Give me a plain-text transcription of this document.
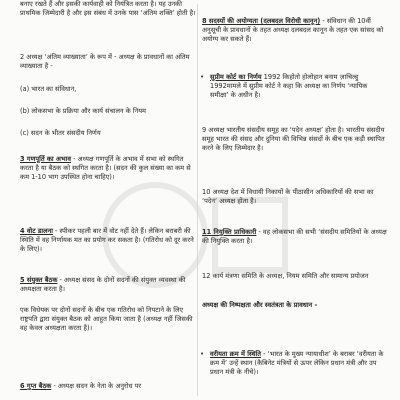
बनाए रखते हैं और इसकी कार्यवाही को नियंत्रित करता है। यह उनकी प्राथमिक जिम्मेदारी है और इस संबंध में उनके पास ‘अंतिम शक्ति’ होती है।
2 अध्यक्ष ‘अंतिम व्याख्याता’ के रूप में - अध्यक्ष के प्रावधानों का अंतिम व्याख्याता है -
(a) भारत का संविधान,
(b) लोकसभा के प्रक्रिया और कार्य संचालन के नियम
(c) सदन के भीतर संसदीय निर्णय
3 गणपूर्ति का अभाव - अध्यक्ष गणपूर्ति के अभाव में सभा को स्थगित करता है या बैठक को स्थगित करता है। (सदन की कुल संख्या का कम से कम 1-10 भाग उपस्थित होना चाहिए)।
4 वोट डालना - स्पीकर पहली बार में वोट नहीं देते हैं। लेकिन बराबरी की स्थिति में वह निर्णायक मत का प्रयोग कर सकता है। (गतिरोध को दूर करने के लिए)।
5 संयुक्त बैठक - अध्यक्ष संसद के दोनों सदनों की संयुक्त व्यवस्था की अध्यक्षता करता है।
एक विधेयक पर दोनों सदनों के बीच एक गतिरोध को निपटाने के लिए राष्ट्रपति द्वारा संयुक्त बैठक को आहूत किया जाता है (अध्यक्ष नहीं जिसकी वह केवल अध्यक्षता करता है)।
6 गुप्त बैठक - अध्यक्ष सदन के नेता के अनुरोध पर
8 सदस्यों की अयोग्यता (दलबदल विरोधी कानून) - संविधान की 10वीं अनुसूची के प्रावधानों के तहत अध्यक्ष दलबदल कानून के तहत एक सांसद को अयोग्य कर सकते हैं।
• सुप्रीम कोर्ट का निर्णय 1992 किहोतो होलोहान बनाम ज़ाचिल्हु 1992मामले में सुप्रीम कोर्ट ने कहा कि अध्यक्ष का निर्णय ‘न्यायिक समीक्षा’ के अधीन है।
9 अध्यक्ष भारतीय संसदीय समूह का ‘पदेन अध्यक्ष’ होता है। भारतीय संसदीय समूह भारत की संसद और दुनिया की विभिन्न संसदों के बीच एक कड़ी स्थापित करने के लिए जिम्मेदार है।
10 अध्यक्ष देश में विधायी निकायों के पीठासीन अधिकारियों की सभा का ‘पदेन’ अध्यक्ष होता है।
11 नियुक्ति प्राधिकारी - वह लोकसभा की सभी ‘संसदीय समितियों के अध्यक्ष की नियुक्ति करता है।
12 कार्य मंत्रणा समिति के अध्यक्ष, नियम समिति और सामान्य प्रयोजन
अध्यक्ष की निष्पक्षता और स्वतंत्रता के प्रावधान -
• वरीयता क्रम में स्थिति - ‘भारत के मुख्य न्यायाधीश’ के बराबर ‘वरीयता के क्रम में’ उन्हें स्थान (कैबिनेट मंत्रियों से ऊपर लेकिन प्रधान मंत्री और उप प्रधान मंत्री के नीचे)।
